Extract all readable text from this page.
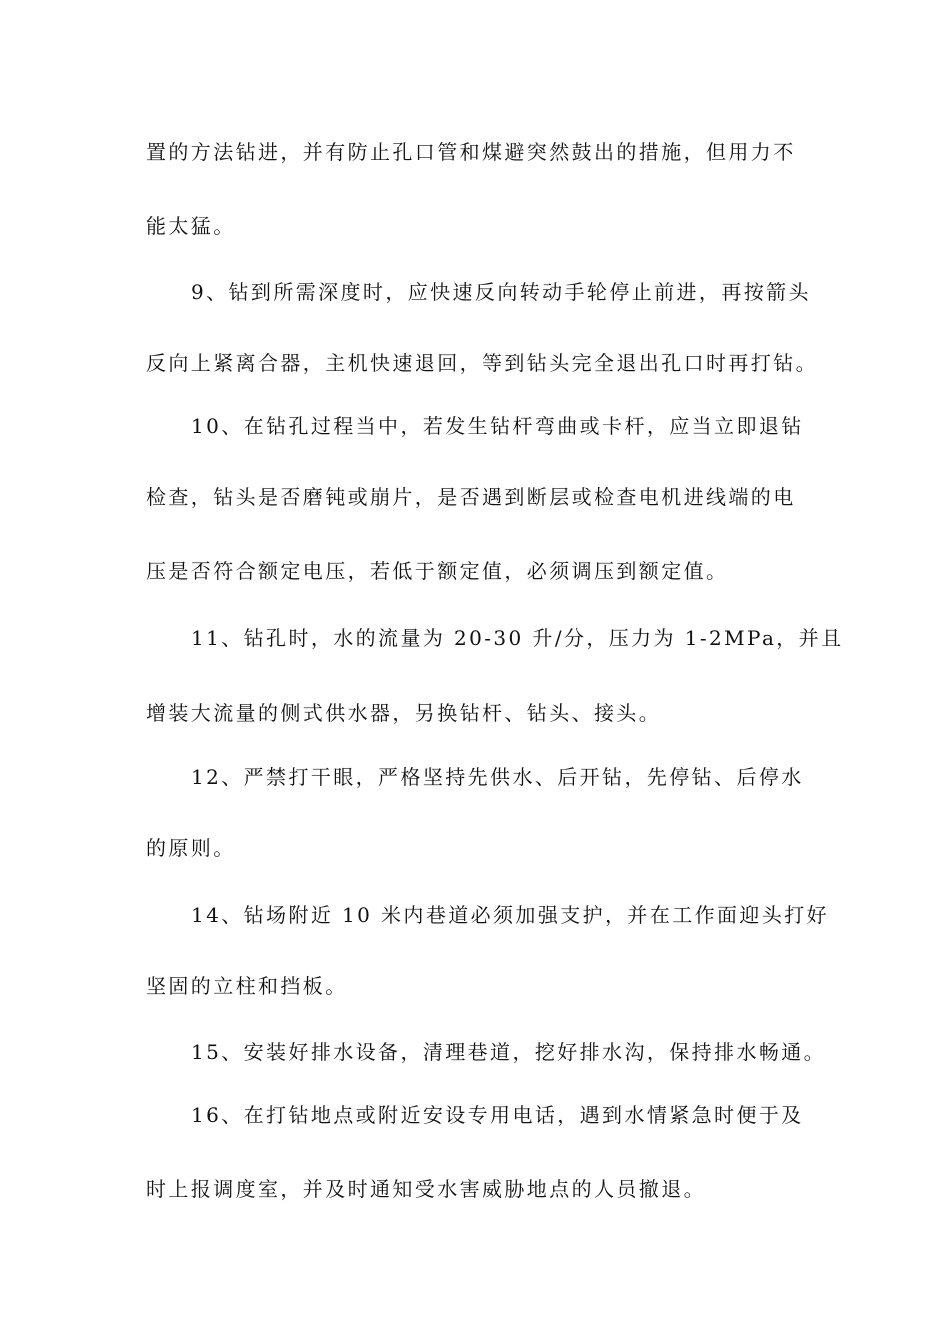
置的方法钻进，并有防止孔口管和煤避突然鼓出的措施，但用力不
能太猛。
9、钻到所需深度时，应快速反向转动手轮停止前进，再按箭头
反向上紧离合器，主机快速退回，等到钻头完全退出孔口时再打钻。
10、在钻孔过程当中，若发生钻杆弯曲或卡杆，应当立即退钻
检查，钻头是否磨钝或崩片，是否遇到断层或检查电机进线端的电
压是否符合额定电压，若低于额定值，必须调压到额定值。
11、钻孔时，水的流量为 20-30 升/分，压力为 1-2MPa，并且
增装大流量的侧式供水器，另换钻杆、钻头、接头。
12、严禁打干眼，严格坚持先供水、后开钻，先停钻、后停水
的原则。
14、钻场附近 10 米内巷道必须加强支护，并在工作面迎头打好
坚固的立柱和挡板。
15、安装好排水设备，清理巷道，挖好排水沟，保持排水畅通。
16、在打钻地点或附近安设专用电话，遇到水情紧急时便于及
时上报调度室，并及时通知受水害威胁地点的人员撤退。
